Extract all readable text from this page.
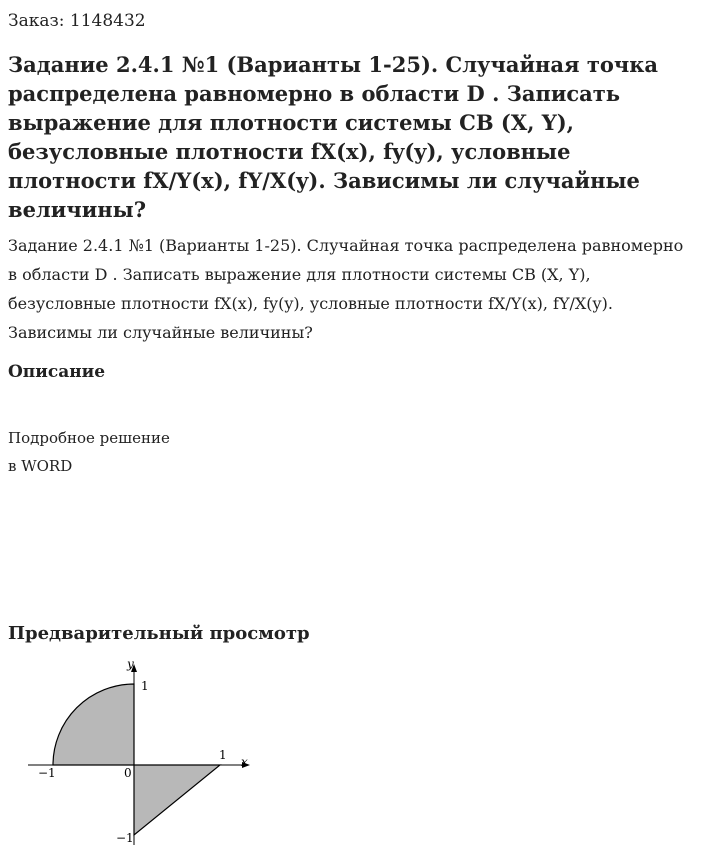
Заказ: 1148432
Задание 2.4.1 №1 (Варианты 1-25). Случайная точка распределена равномерно в области D . Записать выражение для плотности системы СВ (X, Y), безусловные плотности fX(x), fy(y), условные плотности fX/Y(x), fY/X(y). Зависимы ли случайные величины?

Задание 2.4.1 №1 (Варианты 1-25). Случайная точка распределена равномерно в области D . Записать выражение для плотности системы СВ (X, Y), безусловные плотности fX(x), fy(y), условные плотности fX/Y(x), fY/X(y). Зависимы ли случайные величины?

Описание
Подробное решение
в WORD
Предварительный просмотр
y
x
1
1
−1	0
−1
